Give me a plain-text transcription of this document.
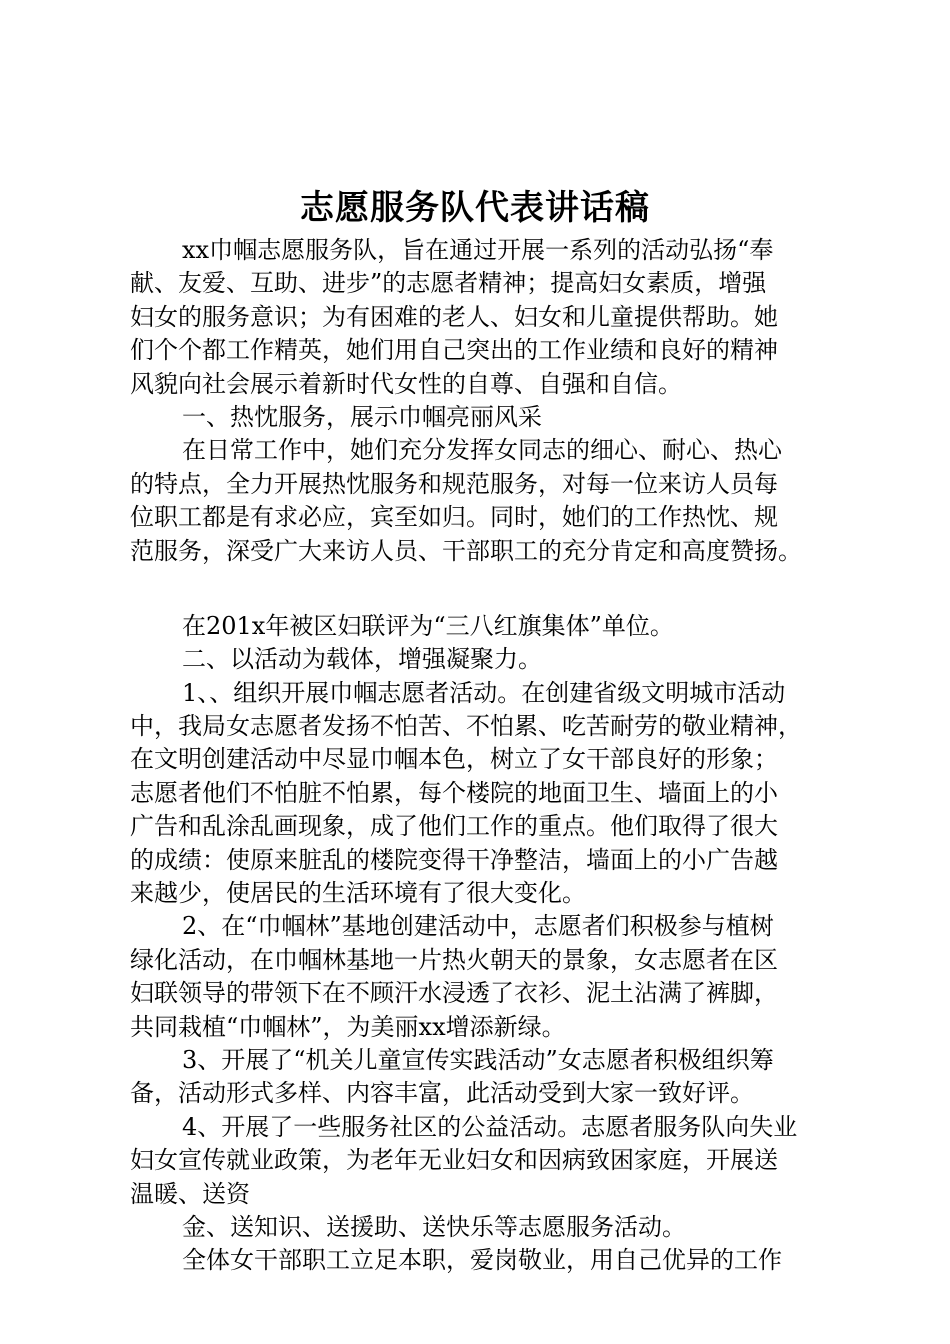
志愿服务队代表讲话稿
xx巾帼志愿服务队，旨在通过开展一系列的活动弘扬“奉
献、友爱、互助、进步”的志愿者精神；提高妇女素质，增强
妇女的服务意识；为有困难的老人、妇女和儿童提供帮助。她
们个个都工作精英，她们用自己突出的工作业绩和良好的精神
风貌向社会展示着新时代女性的自尊、自强和自信。
一、热忱服务，展示巾帼亮丽风采
在日常工作中，她们充分发挥女同志的细心、耐心、热心
的特点，全力开展热忱服务和规范服务，对每一位来访人员每
位职工都是有求必应，宾至如归。同时，她们的工作热忱、规
范服务，深受广大来访人员、干部职工的充分肯定和高度赞扬。
在201x年被区妇联评为“三八红旗集体”单位。
二、以活动为载体，增强凝聚力。
1、、组织开展巾帼志愿者活动。在创建省级文明城市活动
中，我局女志愿者发扬不怕苦、不怕累、吃苦耐劳的敬业精神，
在文明创建活动中尽显巾帼本色，树立了女干部良好的形象；
志愿者他们不怕脏不怕累，每个楼院的地面卫生、墙面上的小
广告和乱涂乱画现象，成了他们工作的重点。他们取得了很大
的成绩：使原来脏乱的楼院变得干净整洁，墙面上的小广告越
来越少，使居民的生活环境有了很大变化。
2、在“巾帼林”基地创建活动中，志愿者们积极参与植树
绿化活动，在巾帼林基地一片热火朝天的景象，女志愿者在区
妇联领导的带领下在不顾汗水浸透了衣衫、泥土沾满了裤脚，
共同栽植“巾帼林”，为美丽xx增添新绿。
3、开展了“机关儿童宣传实践活动”女志愿者积极组织筹
备，活动形式多样、内容丰富，此活动受到大家一致好评。
4、开展了一些服务社区的公益活动。志愿者服务队向失业
妇女宣传就业政策，为老年无业妇女和因病致困家庭，开展送
温暖、送资
金、送知识、送援助、送快乐等志愿服务活动。
全体女干部职工立足本职，爱岗敬业，用自己优异的工作
